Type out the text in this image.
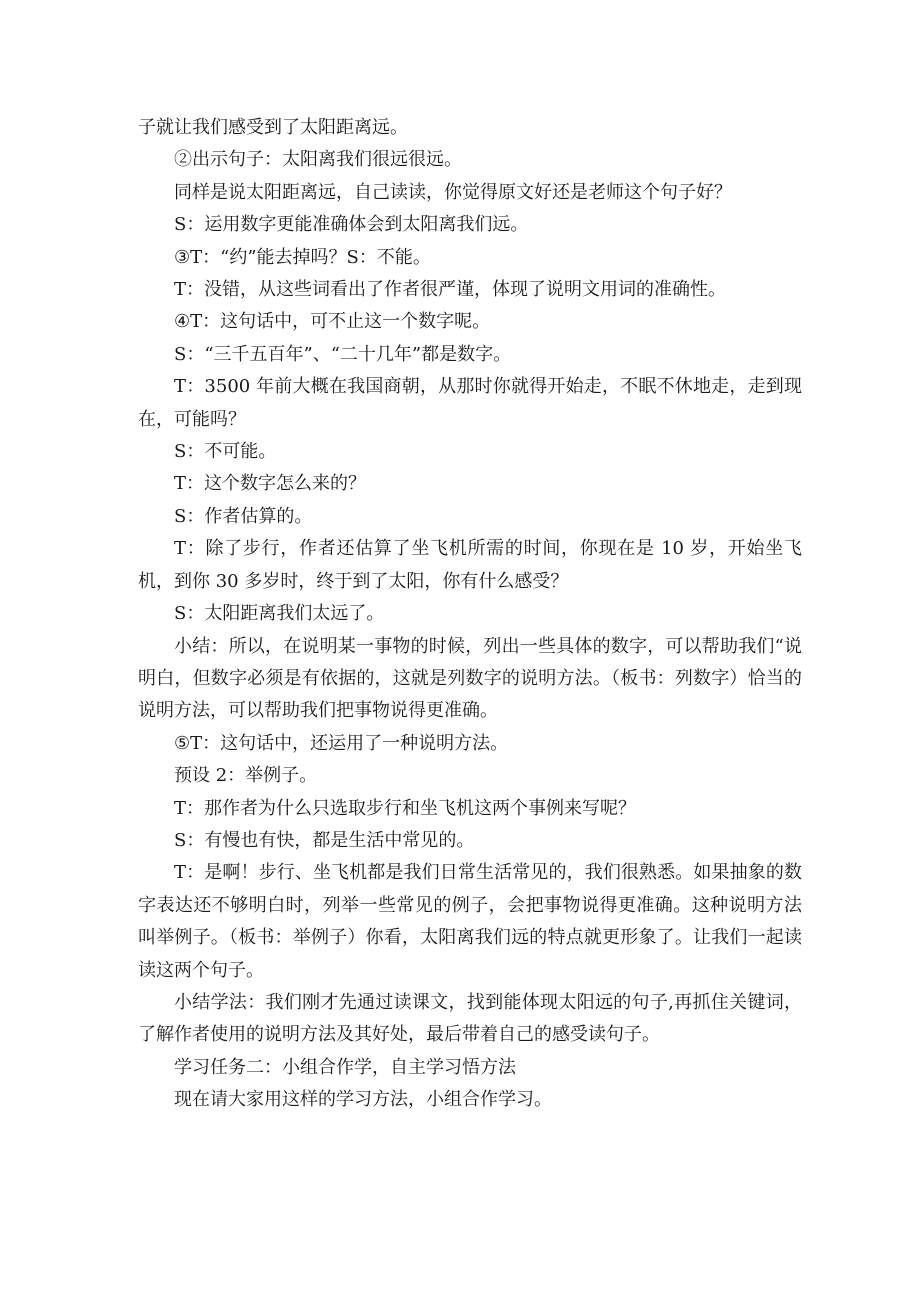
子就让我们感受到了太阳距离远。

②出示句子：太阳离我们很远很远。

同样是说太阳距离远，自己读读，你觉得原文好还是老师这个句子好？

S：运用数字更能准确体会到太阳离我们远。

③T：“约”能去掉吗？S：不能。

T：没错，从这些词看出了作者很严谨，体现了说明文用词的准确性。

④T：这句话中，可不止这一个数字呢。

S：“三千五百年”、“二十几年”都是数字。

T：3500 年前大概在我国商朝，从那时你就得开始走，不眠不休地走，走到现在，可能吗？

S：不可能。

T：这个数字怎么来的？

S：作者估算的。

T：除了步行，作者还估算了坐飞机所需的时间，你现在是 10 岁，开始坐飞机，到你 30 多岁时，终于到了太阳，你有什么感受？

S：太阳距离我们太远了。

小结：所以，在说明某一事物的时候，列出一些具体的数字，可以帮助我们“说明白，但数字必须是有依据的，这就是列数字的说明方法。（板书：列数字）恰当的说明方法，可以帮助我们把事物说得更准确。

⑤T：这句话中，还运用了一种说明方法。

预设 2：举例子。

T：那作者为什么只选取步行和坐飞机这两个事例来写呢？

S：有慢也有快，都是生活中常见的。

T：是啊！步行、坐飞机都是我们日常生活常见的，我们很熟悉。如果抽象的数字表达还不够明白时，列举一些常见的例子，会把事物说得更准确。这种说明方法叫举例子。（板书：举例子）你看，太阳离我们远的特点就更形象了。让我们一起读读这两个句子。

小结学法：我们刚才先通过读课文，找到能体现太阳远的句子,再抓住关键词，了解作者使用的说明方法及其好处，最后带着自己的感受读句子。

学习任务二：小组合作学，自主学习悟方法

现在请大家用这样的学习方法，小组合作学习。
